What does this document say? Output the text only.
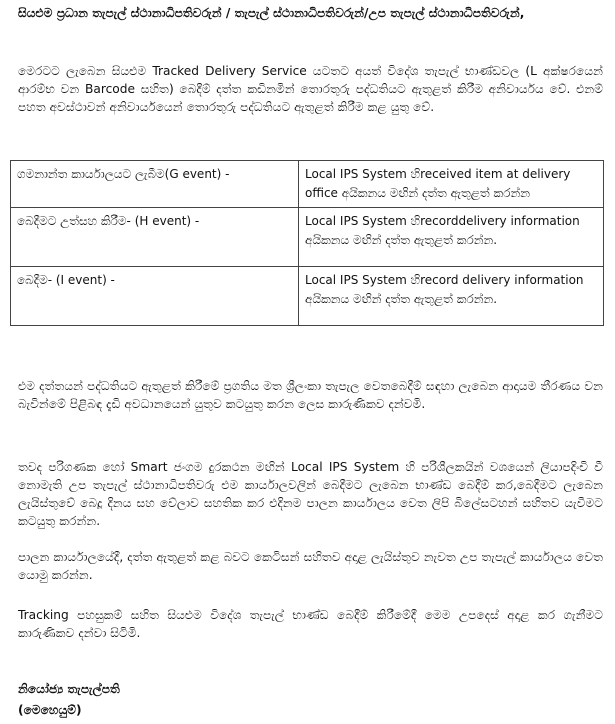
සියළුම ප්‍රධාන තැපැල් ස්ථානාධිපතිවරුන් / තැපැල් ස්ථානාධිපතිවරුන්/උප තැපැල් ස්ථානාධිපතිවරුන්,
මෙරටට ලැබෙන සියළුම Tracked Delivery Service යටතට අයත් විදේශ තැපැල් භාණ්ඩවල (L අක්ෂරයෙන් ආරම්භ වන Barcode සහිත) බෙදීම් දත්ත කඩිනමින් තොරතුරු පද්ධතියට ඇතුළත් කිරීම අනිවාර්යය වේ. එනම් පහත අවස්ථාවන් අනිවාර්යයෙන් තොරතුරු පද්ධතියට ඇතුළත් කිරීම කළ යුතු වේ.
ගමනාන්ත කාර්යාලයට ලැබීම(G event) -	Local IPS System හිreceived item at delivery office අයිකනය මඟින් දත්ත ඇතුළත් කරන්න
බෙදීමට උත්සහ කිරීම- (H event) -	Local IPS System හිrecorddelivery information අයිකනය මඟින් දත්ත ඇතුළත් කරන්න.
බෙදීම- (I event) -	Local IPS System හිrecord delivery information අයිකනය මඟින් දත්ත ඇතුළත් කරන්න.
එම දත්තයන් පද්ධතියට ඇතුළත් කිරීමේ ප්‍රගතිය මත ශ්‍රීලංකා තැපැල වෙතබෙදීම් සඳහා ලැබෙන ආදායම තීරණය වන බැවින්මේ පිළිබඳ දැඩි අවධානයෙන් යුතුව කටයුතු කරන ලෙස කාරුණිකව දන්වමි.
තවද පරිගණක හෝ Smart ජංගම දුරකථන මඟින් Local IPS System හි පරිශීලකයින් වශයෙන් ලියාපදිංචි වී නොමැති උප තැපැල් ස්ථානාධිපතිවරු එම කාර්යාලවලින් බෙදීමට ලැබෙන භාණ්ඩ බෙදීම් කර,බෙදීමට ලැබෙන ලැයිස්තුවේ බෙදූ දිනය සහ වේලාව සහතික කර එදිනම පාලන කාර්යාලය වෙත ලිපි බිලේසටහන් සහිතව යැවීමට කටයුතු කරන්න.
පාලන කාර්යාලයේදී, දත්ත ඇතුළත් කළ බවට කෙටිසන් සහිතව අදාළ ලැයිස්තුව නැවත උප තැපැල් කාර්යාලය වෙත යොමු කරන්න.
Tracking පහසුකම් සහිත සියළුම විදේශ තැපැල් භාණ්ඩ බෙදීම් කිරීමේදී මෙම උපදෙස් අදාළ කර ගැනීමට කාරුණිකව දන්වා සිටිමි.
නියෝජ්‍ය තැපැල්පති
(මෙහෙයුම්)
